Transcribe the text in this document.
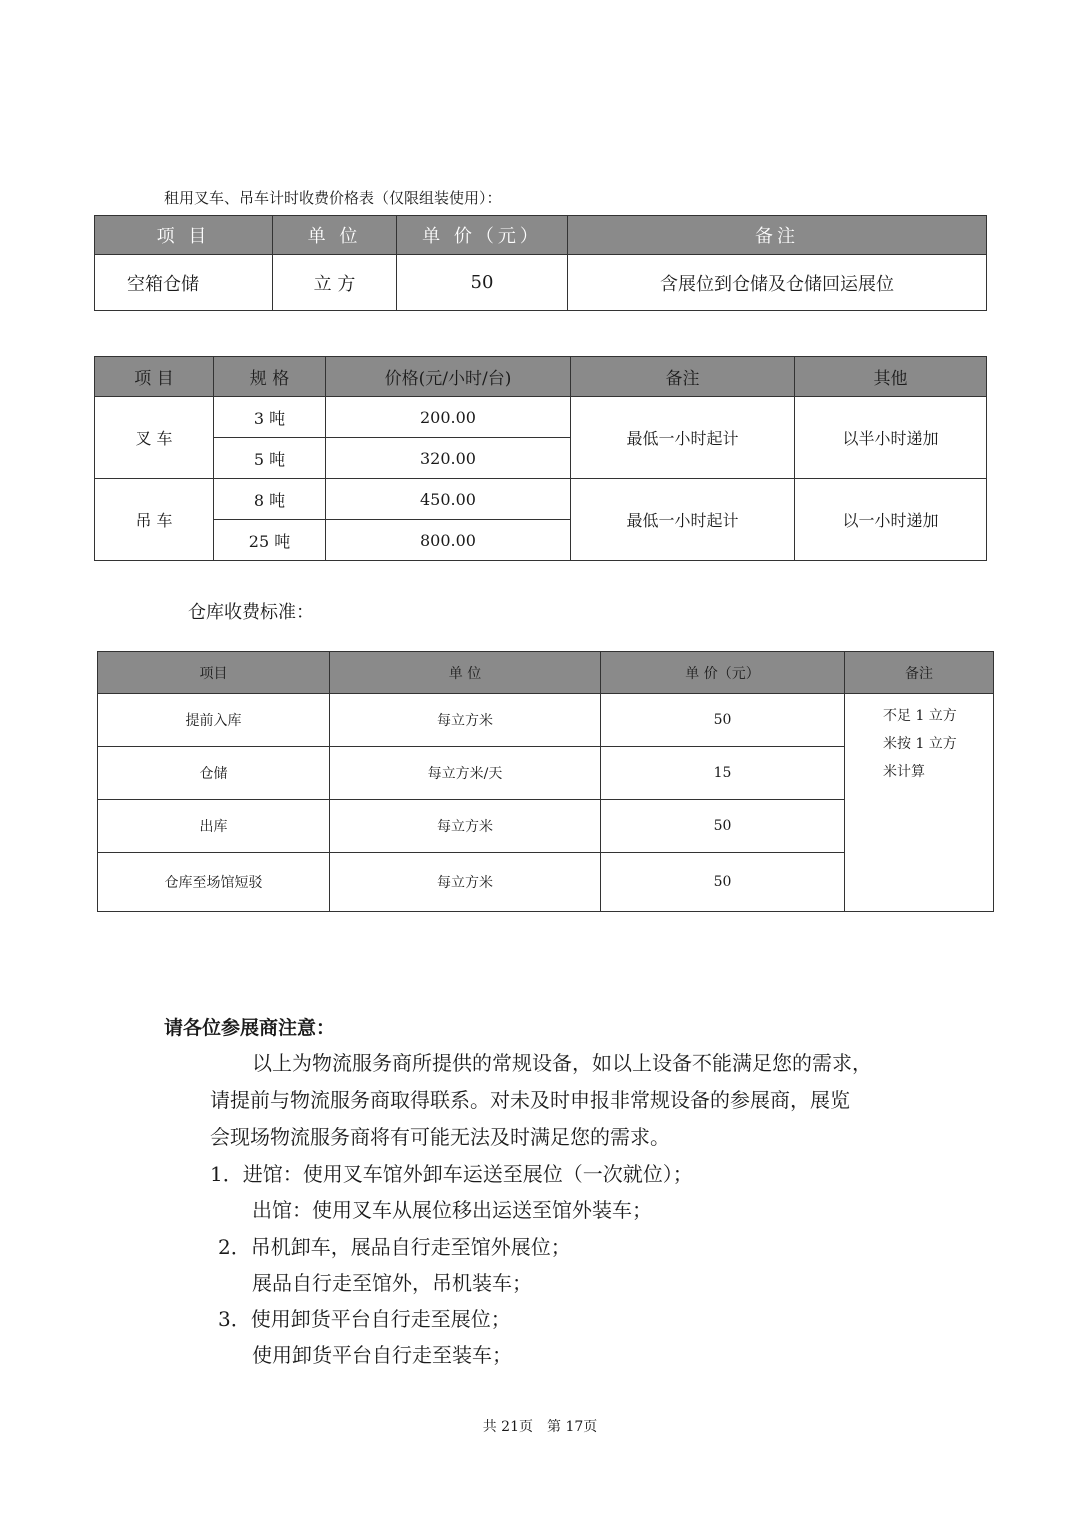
租用叉车、吊车计时收费价格表（仅限组装使用）：
项 目	单 位	单 价（元）	备注
空箱仓储	立 方	50	含展位到仓储及仓储回运展位
项 目	规 格	价格(元/小时/台)	备注	其他
叉 车	3 吨	200.00	最低一小时起计	以半小时递加
	5 吨	320.00		
吊 车	8 吨	450.00	最低一小时起计	以一小时递加
	25 吨	800.00		
仓库收费标准：
项目	单 位	单 价（元）	备注
提前入库	每立方米	50	不足 1 立方
米按 1 立方
米计算

仓储	每立方米/天	15	
出库	每立方米	50	
仓库至场馆短驳	每立方米	50	
请各位参展商注意：
以上为物流服务商所提供的常规设备，如以上设备不能满足您的需求，
请提前与物流服务商取得联系。对未及时申报非常规设备的参展商，展览
会现场物流服务商将有可能无法及时满足您的需求。
1．进馆：使用叉车馆外卸车运送至展位（一次就位）；
出馆：使用叉车从展位移出运送至馆外装车；
2．吊机卸车，展品自行走至馆外展位；
展品自行走至馆外，吊机装车；
3．使用卸货平台自行走至展位；
使用卸货平台自行走至装车；
共 21页　第 17页
